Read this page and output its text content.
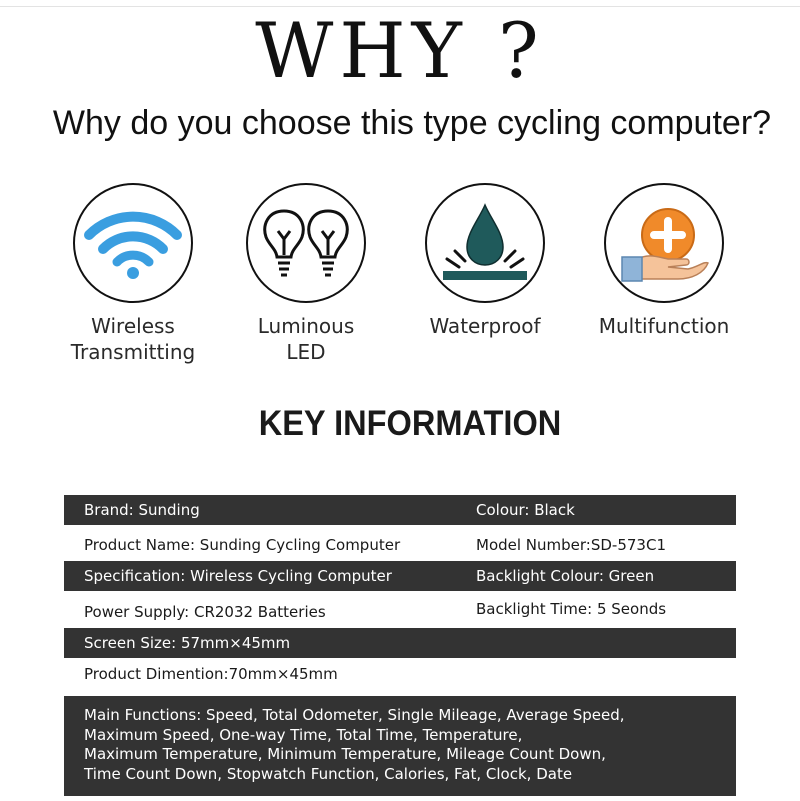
WHY ?
Why do you choose this type cycling computer?
Wireless
Transmitting
Luminous
LED
Waterproof	Multifunction
KEY INFORMATION
Brand: Sunding	Colour: Black
Product Name: Sunding Cycling Computer	Model Number:SD-573C1
Specification: Wireless Cycling Computer	Backlight Colour: Green
Power Supply: CR2032 Batteries	Backlight Time: 5 Seonds
Screen Size: 57mm×45mm
Product Dimention:70mm×45mm
Main Functions: Speed, Total Odometer, Single Mileage, Average Speed,
Maximum Speed, One-way Time, Total Time, Temperature,
Maximum Temperature, Minimum Temperature, Mileage Count Down,
Time Count Down, Stopwatch Function, Calories, Fat, Clock, Date
